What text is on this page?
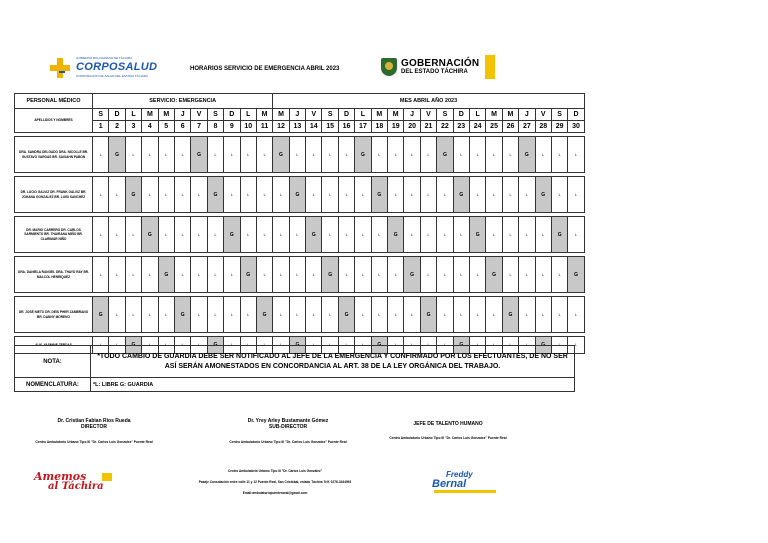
GOBIERNO BOLIVARIANO DE TÁCHIRA
CORPOSALUD
CORPORACIÓN DE SALUD DEL ESTADO TÁCHIRA
HORARIOS SERVICIO DE EMERGENCIA ABRIL 2023	GOBERNACIÓN
DEL ESTADO TÁCHIRA
PERSONAL MÉDICO	SERVICIO: EMERGENCIA											MES ABRIL AÑO 2023																		
APELLIDOS Y NOMBRES	S	D	L	M	M	J	V	S	D	L	M	M	J	V	S	D	L	M	M	J	V	S	D	L	M	M	J	V	S	D
	1	2	3	4	5	6	7	8	9	10	11	12	13	14	15	16	17	18	19	20	21	22	23	24	25	26	27	28	29	30

DRA. SANDRA DELGADO DRA. NICOLLE BR. GUSTAVO VARGAS BR. SAISAHN PABON	L	G	L	L	L	L	G	L	L	L	L	G	L	L	L	L	G	L	L	L	L	G	L	L	L	L	G	L	L	L

DR. LUCIO GALVIZ DR. FRANK GALVIZ BR. JOHANA GONZALEZ BR. LUISI SANCHEZ	L	L	G	L	L	L	L	G	L	L	L	L	G	L	L	L	L	G	L	L	L	L	G	L	L	L	L	G	L	L

DR. MARIO CARRERO DR. CARLOS SARMIENTO BR. THAIRANA MIÑO BR. CLARIMAR NIÑO	L	L	L	G	L	L	L	L	G	L	L	L	L	G	L	L	L	L	G	L	L	L	L	G	L	L	L	L	G	L

DRA. DANIELA RANGEL DRA. THAYD RAY BR. MALCOL HENRIQUEZ	L	L	L	L	G	L	L	L	L	G	L	L	L	L	G	L	L	L	L	G	L	L	L	L	G	L	L	L	L	G

DR. JOSÉ NIETO DR. DEIS PHER ZAMBRANO BR. DANNY MORENO	G	L	L	L	L	G	L	L	L	L	G	L	L	L	L	G	L	L	L	L	G	L	L	L	L	G	L	L	L	L

AUX. YASMINE ZERDAS	L	L	G	L	L	L	L	G	L	L	L	L	G	L	L	L	L	G	L	L	L	L	G	L	L	L	L	G	L	L
NOTA:	*TODO CAMBIO DE GUARDIA DEBE SER NOTIFICADO AL JEFE DE LA EMERGENCIA Y CONFIRMADO POR LOS EFECTUANTES, DE NO SER ASÍ SERÁN AMONESTADOS EN CONCORDANCIA AL ART. 38 DE LA LEY ORGÁNICA DEL TRABAJO.
NOMENCLATURA:	*L: LIBRE G: GUARDIA
Dr. Cristian Fabian Rios Rueda
DIRECTOR
Centro Ambulatorio Urbano Tipo III "Dr. Carlos Luis Gonzalez" Puente Real
Dr. Yrey Arley Bustamante Gómez
SUB-DIRECTOR
Centro Ambulatorio Urbano Tipo III "Dr. Carlos Luis Gonzalez" Puente Real
JEFE DE TALENTO HUMANO
Centro Ambulatorio Urbano Tipo III "Dr. Carlos Luis Gonzalez" Puente Real
Amemos
al Táchira
Centro Ambulatorio Urbano Tipo III "Dr. Carlos Luis González"
Pasaje Consolación entre calle 11 y 12 Puente Real, San Cristóbal, estado Táchira Telf. 0276-3444993
Email:ambulatoriopuenteraeal@gmail.com
Freddy
Bernal
